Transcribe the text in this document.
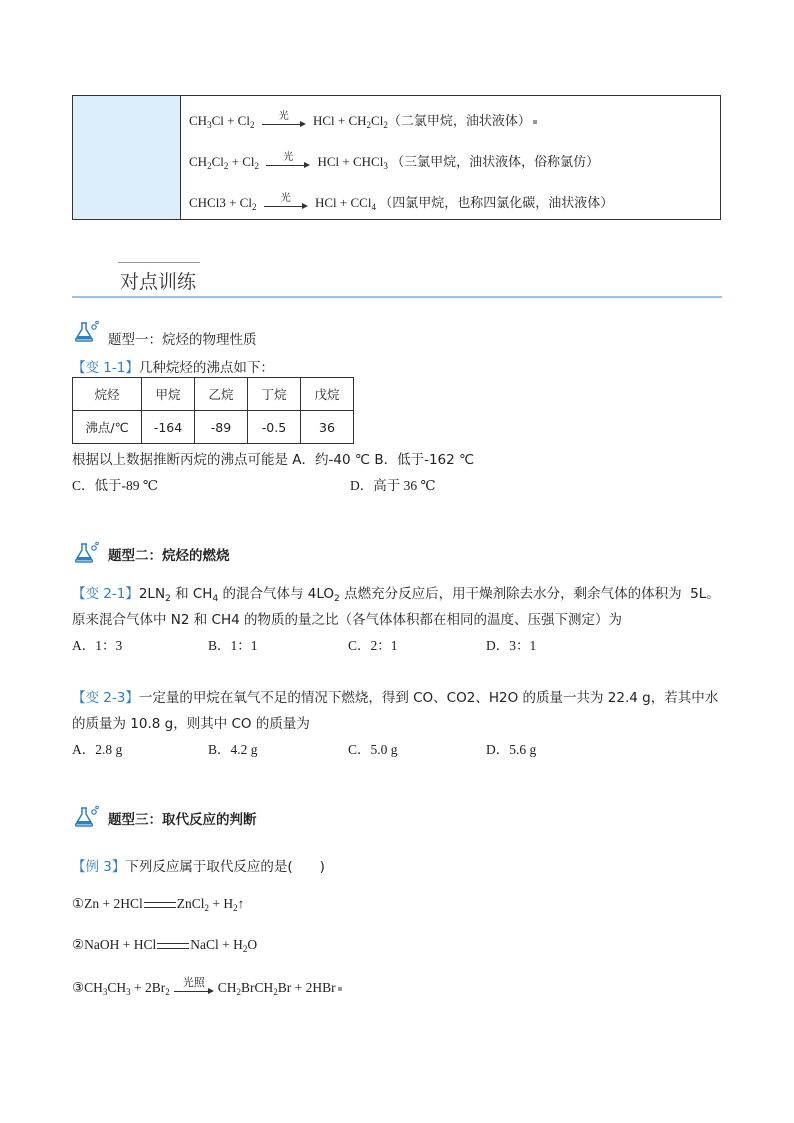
$CH_3Cl + Cl_2$
光	HCl + $CH_2Cl_2$（二氯甲烷，油状液体）
$CH_2Cl_2 + Cl_2$
光	HCl + CHCl$_3$ （三氯甲烷，油状液体，俗称氯仿）
CHCl3 + $Cl_2$
光	HCl + CCl$_4$ （四氯甲烷，也称四氯化碳，油状液体）
对点训练
题型一：烷烃的物理性质
【变 1-1】几种烷烃的沸点如下：
烷烃	甲烷	乙烷	丁烷	戊烷
沸点/℃	-164	-89	-0.5	36
根据以上数据推断丙烷的沸点可能是 A．约-40 ℃ B．低于-162 ℃
C．低于-89 ℃	D．高于 36 ℃
题型二：烷烃的燃烧
【变 2-1】$2LN_2$ 和 $CH_4$ 的混合气体与 $4LO_2$ 点燃充分反应后，用干燥剂除去水分，剩余气体的体积为  5L。
原来混合气体中 N2 和 CH4 的物质的量之比（各气体体积都在相同的温度、压强下测定）为
A．1：3	B．1：1	C．2：1	D．3：1
【变 2-3】一定量的甲烷在氧气不足的情况下燃烧，得到 CO、CO2、H2O 的质量一共为 22.4 g，若其中水
的质量为 10.8 g，则其中 CO 的质量为
A．2.8 g	B．4.2 g	C．5.0 g	D．5.6 g
题型三：取代反应的判断
【例 3】下列反应属于取代反应的是(　　)
①Zn + 2HCl	ZnCl$_2$ + $H_2↑$
②NaOH + HCl	NaCl + $H_2O$
$③CH_3CH_3 + 2Br_2$
光照 $CH_2BrCH_2Br + 2HBr$
